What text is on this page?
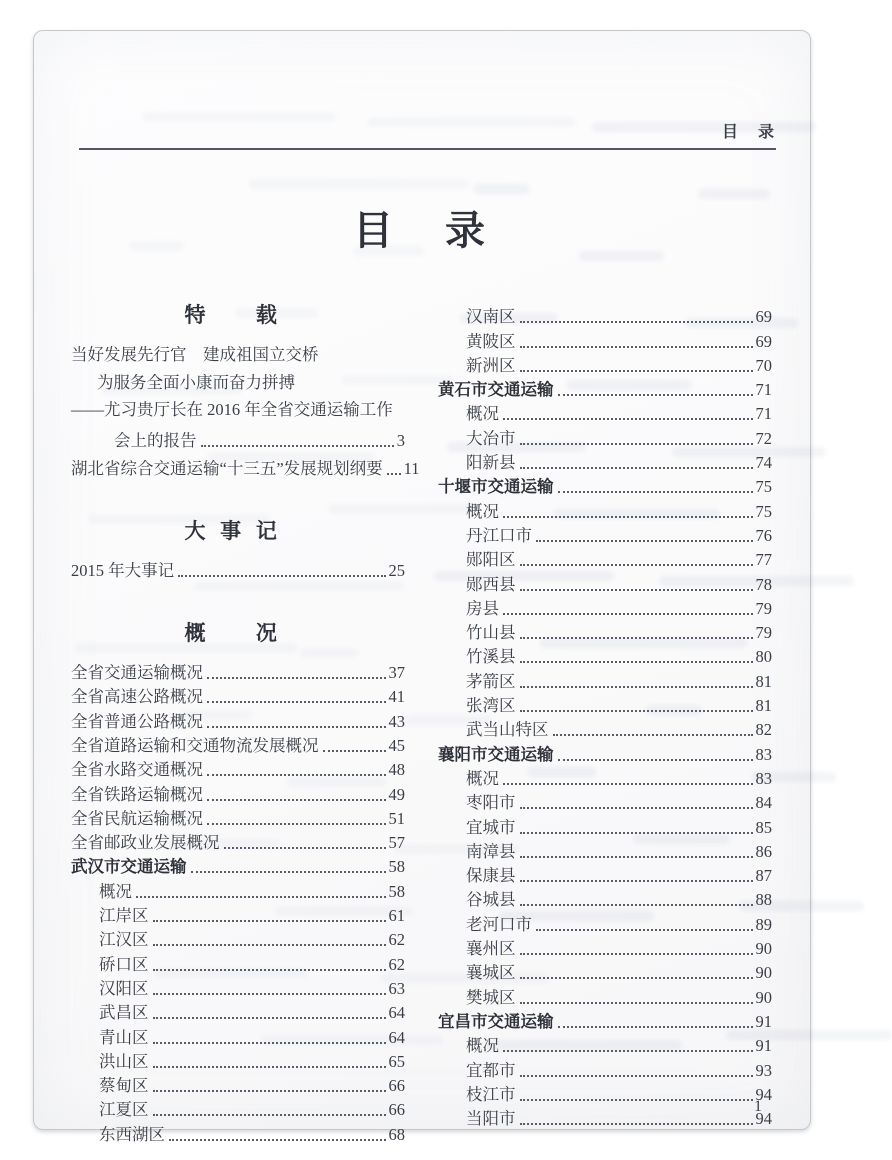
目　录
目　录
特　载
当好发展先行官　建成祖国立交桥
为服务全面小康而奋力拼搏
——尤习贵厅长在 2016 年全省交通运输工作
会上的报告	3
湖北省综合交通运输“十三五”发展规划纲要 11
大事记
2015 年大事记	25
概　况
全省交通运输概况	37
全省高速公路概况	41
全省普通公路概况	43
全省道路运输和交通物流发展概况	45
全省水路交通概况	48
全省铁路运输概况	49
全省民航运输概况	51
全省邮政业发展概况	57
武汉市交通运输	58
概况	58
江岸区	61
江汉区	62
硚口区	62
汉阳区	63
武昌区	64
青山区	64
洪山区	65
蔡甸区	66
江夏区	66
东西湖区	68
汉南区	69
黄陂区	69
新洲区	70
黄石市交通运输	71
概况	71
大冶市	72
阳新县	74
十堰市交通运输	75
概况	75
丹江口市	76
郧阳区	77
郧西县	78
房县	79
竹山县	79
竹溪县	80
茅箭区	81
张湾区	81
武当山特区	82
襄阳市交通运输	83
概况	83
枣阳市	84
宜城市	85
南漳县	86
保康县	87
谷城县	88
老河口市	89
襄州区	90
襄城区	90
樊城区	90
宜昌市交通运输	91
概况	91
宜都市	93
枝江市	94
当阳市	94
1
